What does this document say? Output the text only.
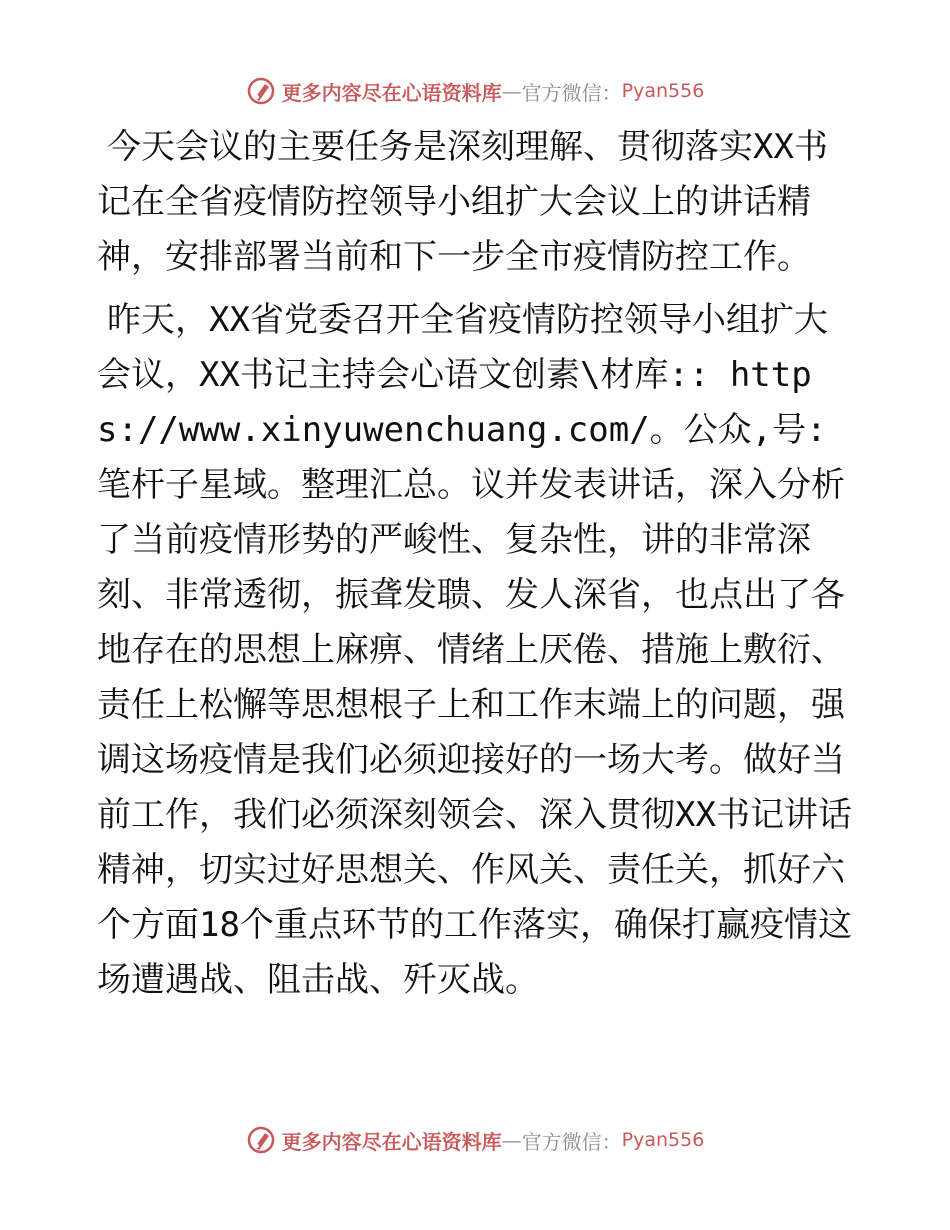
更多内容尽在心语资料库 — 官方微信： Pyan556

今天会议的主要任务是深刻理解、贯彻落实XX书记在全省疫情防控领导小组扩大会议上的讲话精神，安排部署当前和下一步全市疫情防控工作。

昨天，XX省党委召开全省疫情防控领导小组扩大会议，XX书记主持会心语文创素\材库:: https://www.xinyuwenchuang.com/。公众,号: 笔杆子星域。整理汇总。议并发表讲话，深入分析了当前疫情形势的严峻性、复杂性，讲的非常深刻、非常透彻，振聋发聩、发人深省，也点出了各地存在的思想上麻痹、情绪上厌倦、措施上敷衍、责任上松懈等思想根子上和工作末端上的问题，强调这场疫情是我们必须迎接好的一场大考。做好当前工作，我们必须深刻领会、深入贯彻XX书记讲话精神，切实过好思想关、作风关、责任关，抓好六个方面18个重点环节的工作落实，确保打赢疫情这场遭遇战、阻击战、歼灭战。

更多内容尽在心语资料库 — 官方微信： Pyan556
